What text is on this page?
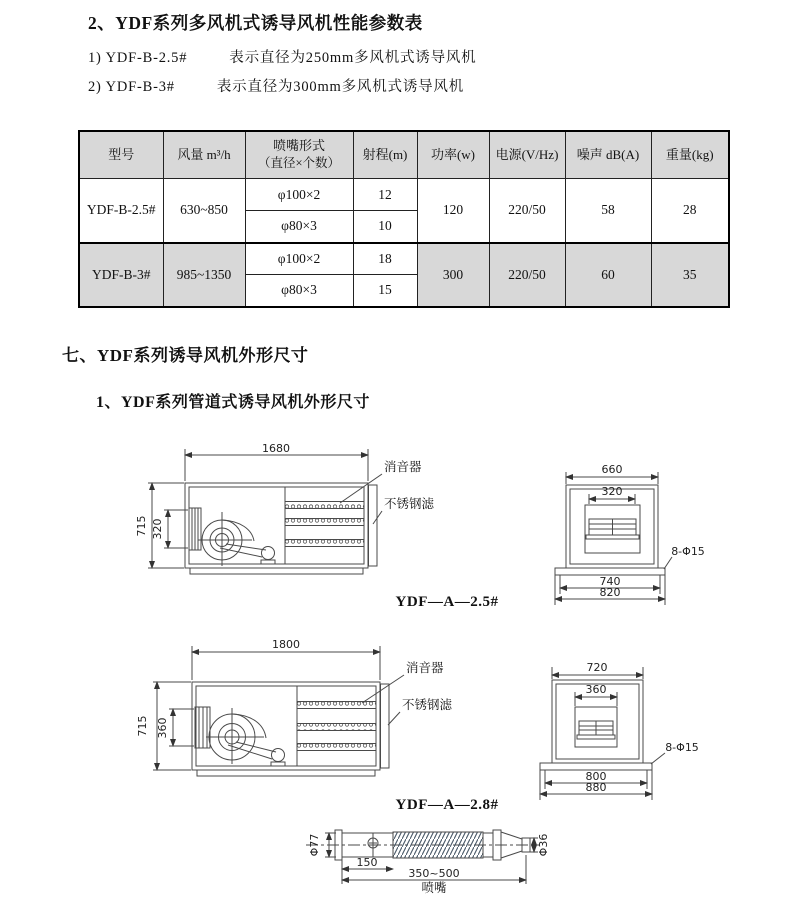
2、YDF系列多风机式诱导风机性能参数表
1) YDF-B-2.5#	表示直径为250mm多风机式诱导风机
2) YDF-B-3#	表示直径为300mm多风机式诱导风机
型号	风量 m³/h	喷嘴形式
（直径×个数）	射程(m)	功率(w)	电源(V/Hz)	噪声 dB(A)	重量(kg)
YDF-B-2.5#	630~850	φ100×2	12	120	220/50	58	28
		φ80×3	10				
YDF-B-3#	985~1350	φ100×2	18	300	220/50	60	35
		φ80×3	15				
七、YDF系列诱导风机外形尺寸
1、YDF系列管道式诱导风机外形尺寸
1680
715 320
消音器
不锈钢滤
660
320
8-Φ15
740
820
YDF—A—2.5#
1800
715 360
消音器
不锈钢滤
720
360
8-Φ15
800
880
YDF—A—2.8#
Φ77	Φ36
150
350~500
喷嘴
